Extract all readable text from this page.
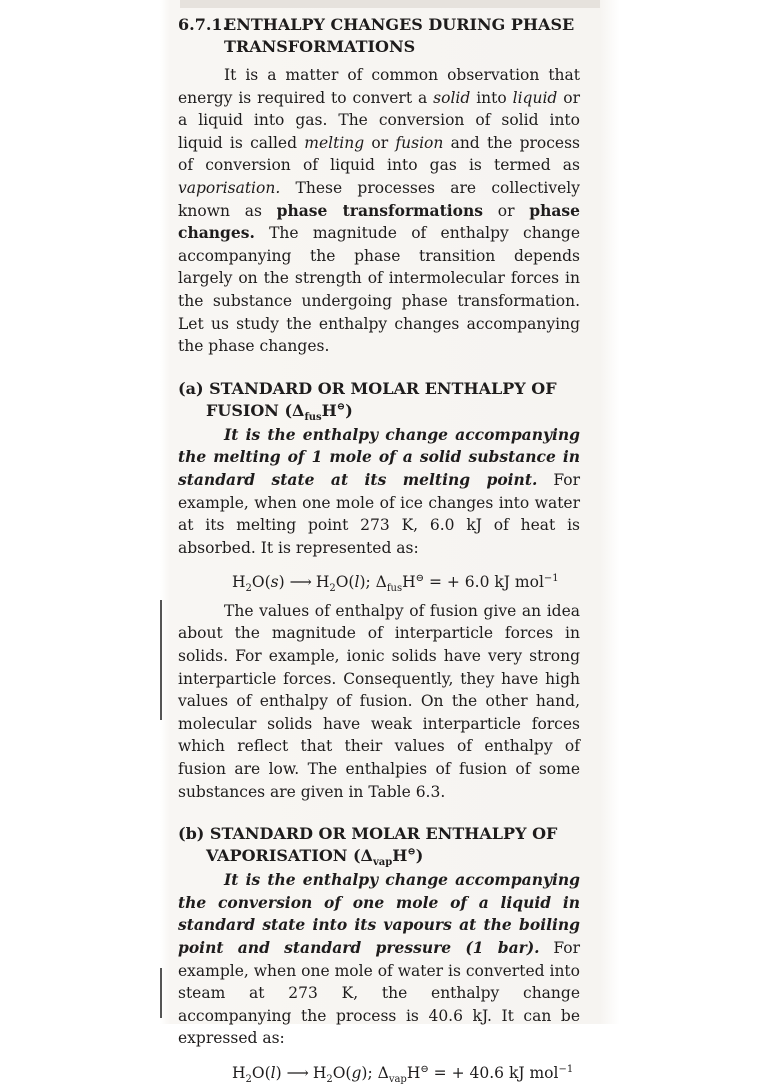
6.7.1.ENTHALPY CHANGES DURING PHASE
TRANSFORMATIONS

It is a matter of common observation that energy is required to convert a solid into liquid or a liquid into gas. The conversion of solid into liquid is called melting or fusion and the process of conversion of liquid into gas is termed as vaporisation. These processes are collectively known as phase transformations or phase changes. The magnitude of enthalpy change accompanying the phase transition depends largely on the strength of intermolecular forces in the substance undergoing phase transformation. Let us study the enthalpy changes accompanying the phase changes.

(a) STANDARD OR MOLAR ENTHALPY OF
FUSION $(\Delta_{fus}H^⊖)$

It is the enthalpy change accompanying the melting of 1 mole of a solid substance in standard state at its melting point. For example, when one mole of ice changes into water at its melting point 273 K, 6.0 kJ of heat is absorbed. It is represented as:

$H_2O(s)$ ⟶ $H_2O(l)$; $\Delta_{fus}H^⊖$ = + 6.0 kJ mol$^{-1}$

The values of enthalpy of fusion give an idea about the magnitude of interparticle forces in solids. For example, ionic solids have very strong interparticle forces. Consequently, they have high values of enthalpy of fusion. On the other hand, molecular solids have weak interparticle forces which reflect that their values of enthalpy of fusion are low. The enthalpies of fusion of some substances are given in Table 6.3.

(b) STANDARD OR MOLAR ENTHALPY OF
VAPORISATION $(\Delta_{vap}H^⊖)$

It is the enthalpy change accompanying the conversion of one mole of a liquid in standard state into its vapours at the boiling point and standard pressure (1 bar). For example, when one mole of water is converted into steam at 273 K, the enthalpy change accompanying the process is 40.6 kJ. It can be expressed as:

$H_2O(l)$ ⟶ $H_2O(g)$; $\Delta_{vap}H^⊖$ = + 40.6 kJ mol$^{-1}$
